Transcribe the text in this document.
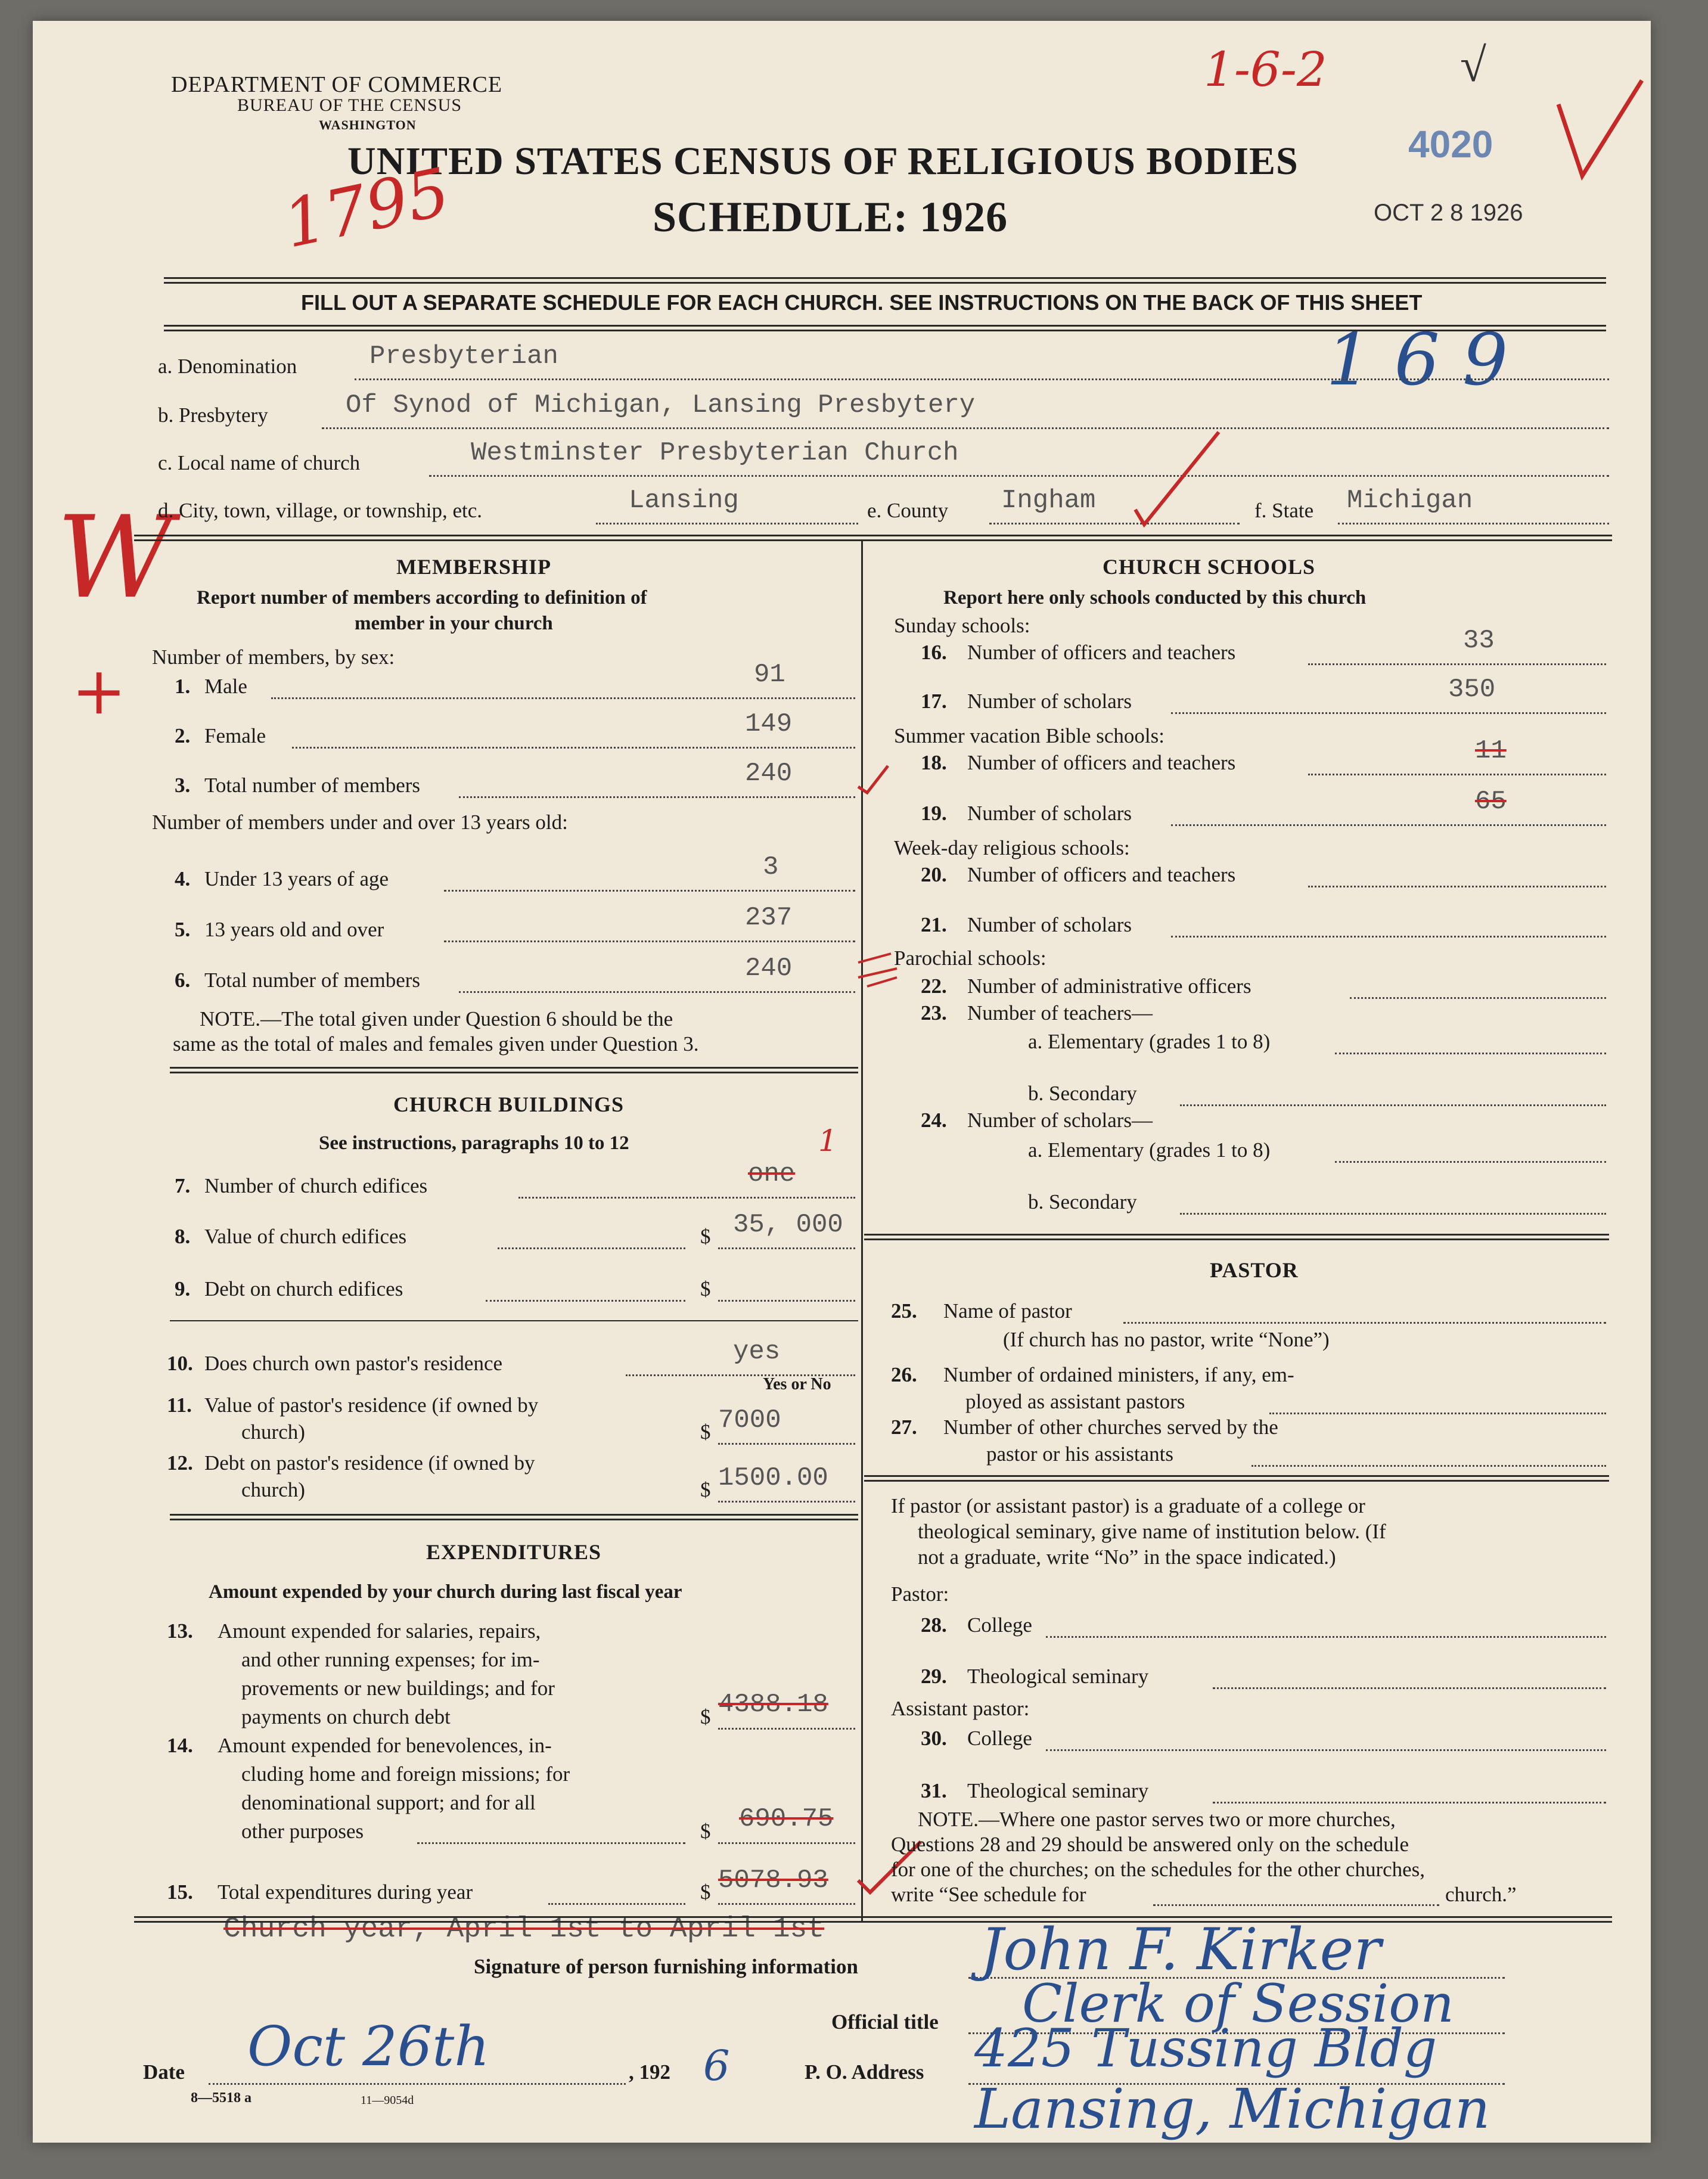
DEPARTMENT OF COMMERCE
BUREAU OF THE CENSUS
WASHINGTON
UNITED STATES CENSUS OF RELIGIOUS BODIES
SCHEDULE: 1926	OCT 2 8 1926
4020
1-6-2	√
1795
1 6 9
W
+
FILL OUT A SEPARATE SCHEDULE FOR EACH CHURCH. SEE INSTRUCTIONS ON THE BACK OF THIS SHEET
a. Denomination	Presbyterian
b. Presbytery	Of Synod of Michigan, Lansing Presbytery
c. Local name of church	Westminster Presbyterian Church
d. City, town, village, or township, etc.	Lansing	e. County Ingham	f. State Michigan
MEMBERSHIP
Report number of members according to definition of
member in your church
Number of members, by sex:
1. Male	91
2. Female	149
3. Total number of members	240
Number of members under and over 13 years old:
4. Under 13 years of age	3
5. 13 years old and over	237
6. Total number of members	240
NOTE.—The total given under Question 6 should be the
same as the total of males and females given under Question 3.
CHURCH BUILDINGS
See instructions, paragraphs 10 to 12	1
7. Number of church edifices	one
8. Value of church edifices	$ 35, 000
9. Debt on church edifices	$
10. Does church own pastor's residence	yes
Yes or No
11. Value of pastor's residence (if owned by
church)	$ 7000
12. Debt on pastor's residence (if owned by
church)	$ 1500.00
EXPENDITURES
Amount expended by your church during last fiscal year
13. Amount expended for salaries, repairs,
and other running expenses; for im-
provements or new buildings; and for
payments on church debt	$ 4388.18
14. Amount expended for benevolences, in-
cluding home and foreign missions; for
denominational support; and for all
other purposes	$ 690.75
15. Total expenditures during year	$ 5078.93
Church year, April 1st to April 1st
CHURCH SCHOOLS
Report here only schools conducted by this church
Sunday schools:
16. Number of officers and teachers	33
17. Number of scholars	350
Summer vacation Bible schools:
18. Number of officers and teachers	11
19. Number of scholars	65
Week-day religious schools:
20. Number of officers and teachers
21. Number of scholars
Parochial schools:
22. Number of administrative officers
23. Number of teachers—
a. Elementary (grades 1 to 8)
b. Secondary
24. Number of scholars—
a. Elementary (grades 1 to 8)
b. Secondary
PASTOR
25. Name of pastor
(If church has no pastor, write “None”)
26. Number of ordained ministers, if any, em-
ployed as assistant pastors
27. Number of other churches served by the
pastor or his assistants
If pastor (or assistant pastor) is a graduate of a college or
theological seminary, give name of institution below. (If
not a graduate, write “No” in the space indicated.)
Pastor:
28. College
29. Theological seminary
Assistant pastor:
30. College
31. Theological seminary
NOTE.—Where one pastor serves two or more churches,
Questions 28 and 29 should be answered only on the schedule
for one of the churches; on the schedules for the other churches,
write “See schedule for	church.”
Signature of person furnishing information John F. Kirker
Official title Clerk of Session
Date Oct 26th	, 192 6	P. O. Address 425 Tussing Bldg
Lansing, Michigan
8—5518 a	11—9054d
